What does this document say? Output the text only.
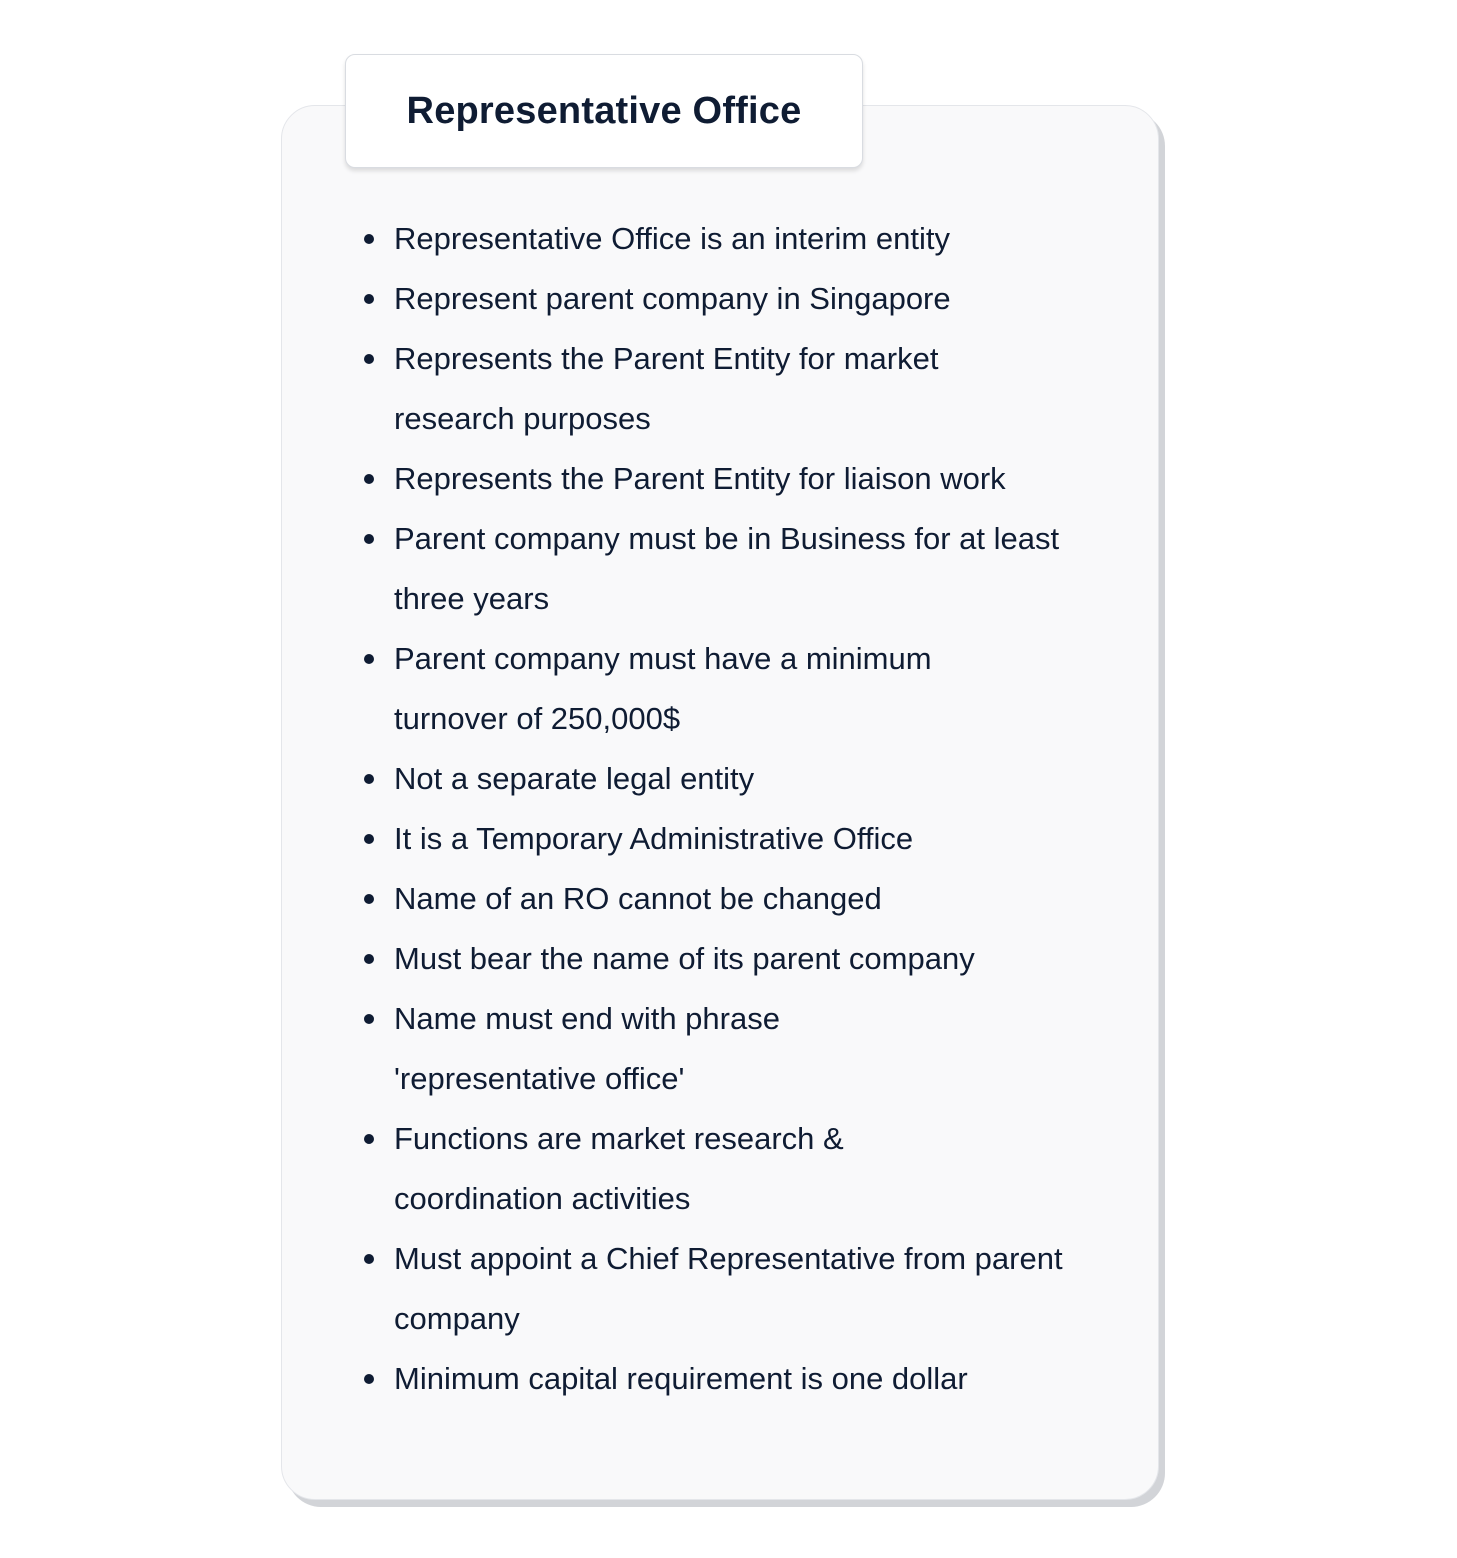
Representative Office
Representative Office is an interim entity
Represent parent company in Singapore
Represents the Parent Entity for market research purposes
Represents the Parent Entity for liaison work
Parent company must be in Business for at least three years
Parent company must have a minimum turnover of 250,000$
Not a separate legal entity
It is a Temporary Administrative Office
Name of an RO cannot be changed
Must bear the name of its parent company
Name must end with phrase 'representative office'
Functions are market research & coordination activities
Must appoint a Chief Representative from parent company
Minimum capital requirement is one dollar
